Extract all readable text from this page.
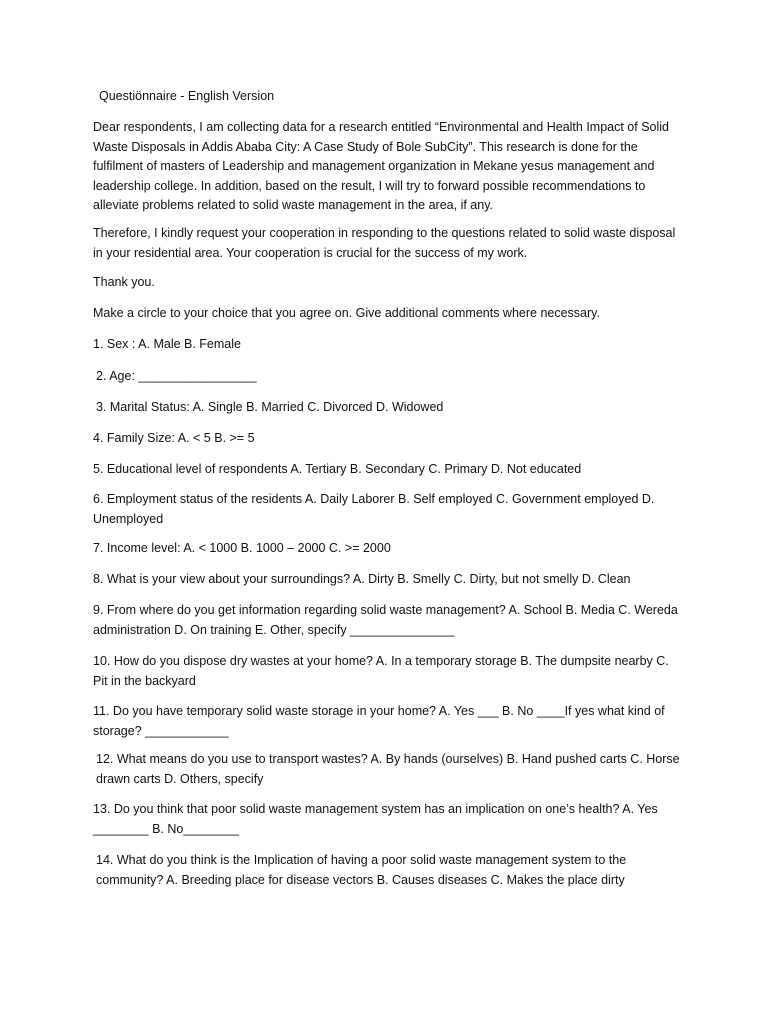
Questiönnaire - English Version

Dear respondents, I am collecting data for a research entitled “Environmental and Health Impact of Solid Waste Disposals in Addis Ababa City: A Case Study of Bole SubCity”. This research is done for the fulfilment of masters of Leadership and management organization in Mekane yesus management and leadership college. In addition, based on the result, I will try to forward possible recommendations to alleviate problems related to solid waste management in the area, if any.

Therefore, I kindly request your cooperation in responding to the questions related to solid waste disposal in your residential area. Your cooperation is crucial for the success of my work.

Thank you.

Make a circle to your choice that you agree on. Give additional comments where necessary.

1. Sex : A. Male B. Female

2. Age: _________________

3. Marital Status: A. Single B. Married C. Divorced D. Widowed

4. Family Size: A. < 5 B. >= 5

5. Educational level of respondents A. Tertiary B. Secondary C. Primary D. Not educated

6. Employment status of the residents A. Daily Laborer B. Self employed C. Government employed D. Unemployed

7. Income level: A. < 1000 B. 1000 – 2000 C. >= 2000

8. What is your view about your surroundings? A. Dirty B. Smelly C. Dirty, but not smelly D. Clean

9. From where do you get information regarding solid waste management? A. School B. Media C. Wereda administration D. On training E. Other, specify _______________

10. How do you dispose dry wastes at your home? A. In a temporary storage B. The dumpsite nearby C. Pit in the backyard

11. Do you have temporary solid waste storage in your home? A. Yes ___ B. No ____If yes what kind of storage? ____________

12. What means do you use to transport wastes? A. By hands (ourselves) B. Hand pushed carts C. Horse drawn carts D. Others, specify

13. Do you think that poor solid waste management system has an implication on one’s health? A. Yes ________ B. No________

14. What do you think is the Implication of having a poor solid waste management system to the community? A. Breeding place for disease vectors B. Causes diseases C. Makes the place dirty
